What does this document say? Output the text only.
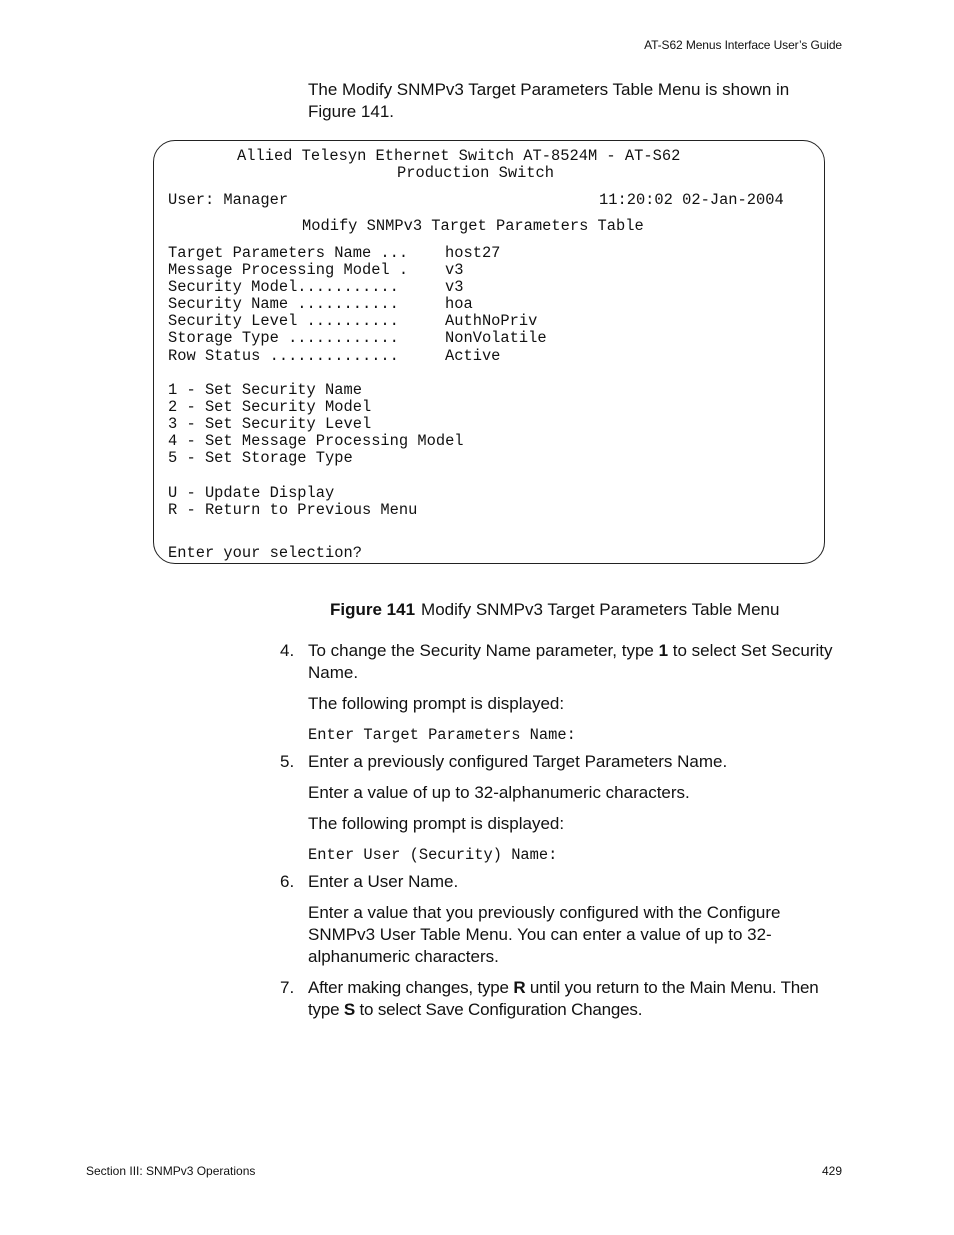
AT-S62 Menus Interface User’s Guide
The Modify SNMPv3 Target Parameters Table Menu is shown in Figure 141.
Allied Telesyn Ethernet Switch AT-8524M - AT-S62
Production Switch
User: Manager	11:20:02 02-Jan-2004
Modify SNMPv3 Target Parameters Table
Target Parameters Name ... host27
Message Processing Model . v3
Security Model...........	v3
Security Name ...........	hoa
Security Level ..........	AuthNoPriv
Storage Type ............	NonVolatile
Row Status ..............	Active
1 - Set Security Name
2 - Set Security Model
3 - Set Security Level
4 - Set Message Processing Model
5 - Set Storage Type
U - Update Display
R - Return to Previous Menu
Enter your selection?
Figure 141 Modify SNMPv3 Target Parameters Table Menu
4. To change the Security Name parameter, type 1 to select Set Security Name.
The following prompt is displayed:
Enter Target Parameters Name:
5. Enter a previously configured Target Parameters Name.
Enter a value of up to 32-alphanumeric characters.
The following prompt is displayed:
Enter User (Security) Name:
6. Enter a User Name.
Enter a value that you previously configured with the Configure SNMPv3 User Table Menu. You can enter a value of up to 32-alphanumeric characters.
7. After making changes, type R until you return to the Main Menu. Then type S to select Save Configuration Changes.
Section III: SNMPv3 Operations	429
